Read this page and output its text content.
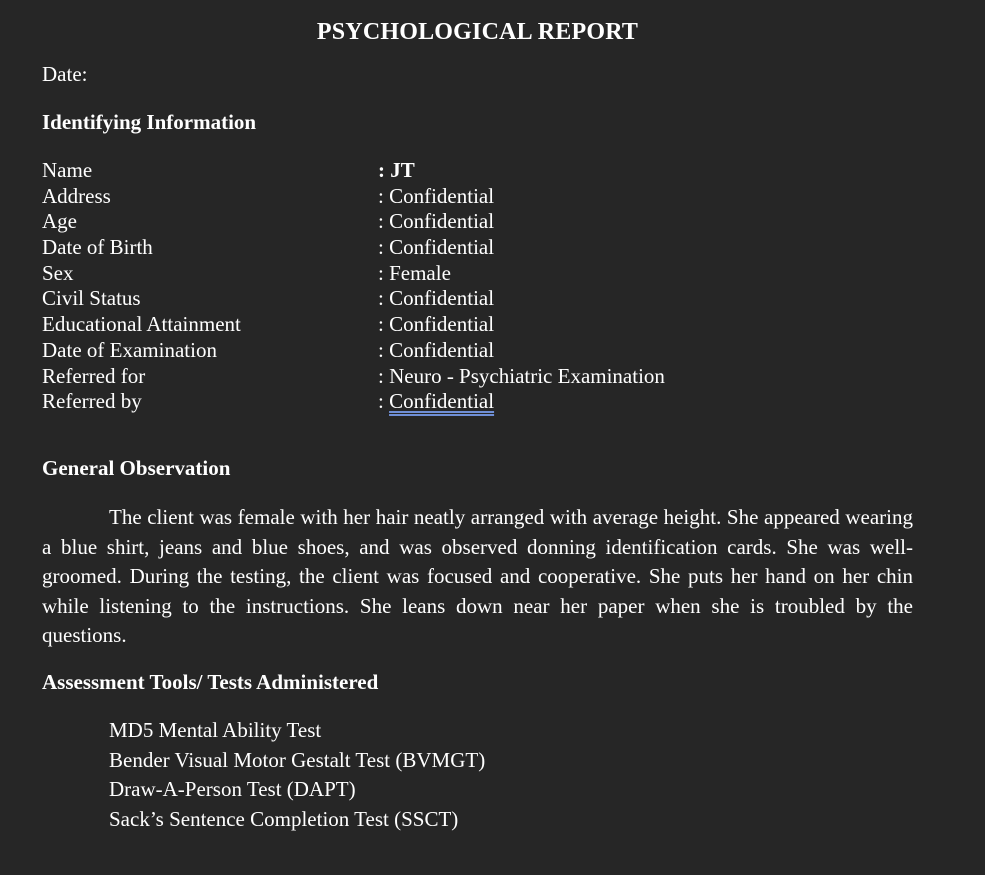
PSYCHOLOGICAL REPORT
Date:
Identifying Information
Name	: JT
Address	: Confidential
Age	: Confidential
Date of Birth	: Confidential
Sex	: Female
Civil Status	: Confidential
Educational Attainment	: Confidential
Date of Examination	: Confidential
Referred for	: Neuro - Psychiatric Examination
Referred by	: Confidential
General Observation

The client was female with her hair neatly arranged with average height. She appeared wearing a blue shirt, jeans and blue shoes, and was observed donning identification cards. She was well-groomed. During the testing, the client was focused and cooperative. She puts her hand on her chin while listening to the instructions. She leans down near her paper when she is troubled by the questions.

Assessment Tools/ Tests Administered
MD5 Mental Ability Test
Bender Visual Motor Gestalt Test (BVMGT)
Draw-A-Person Test (DAPT)
Sack’s Sentence Completion Test (SSCT)
